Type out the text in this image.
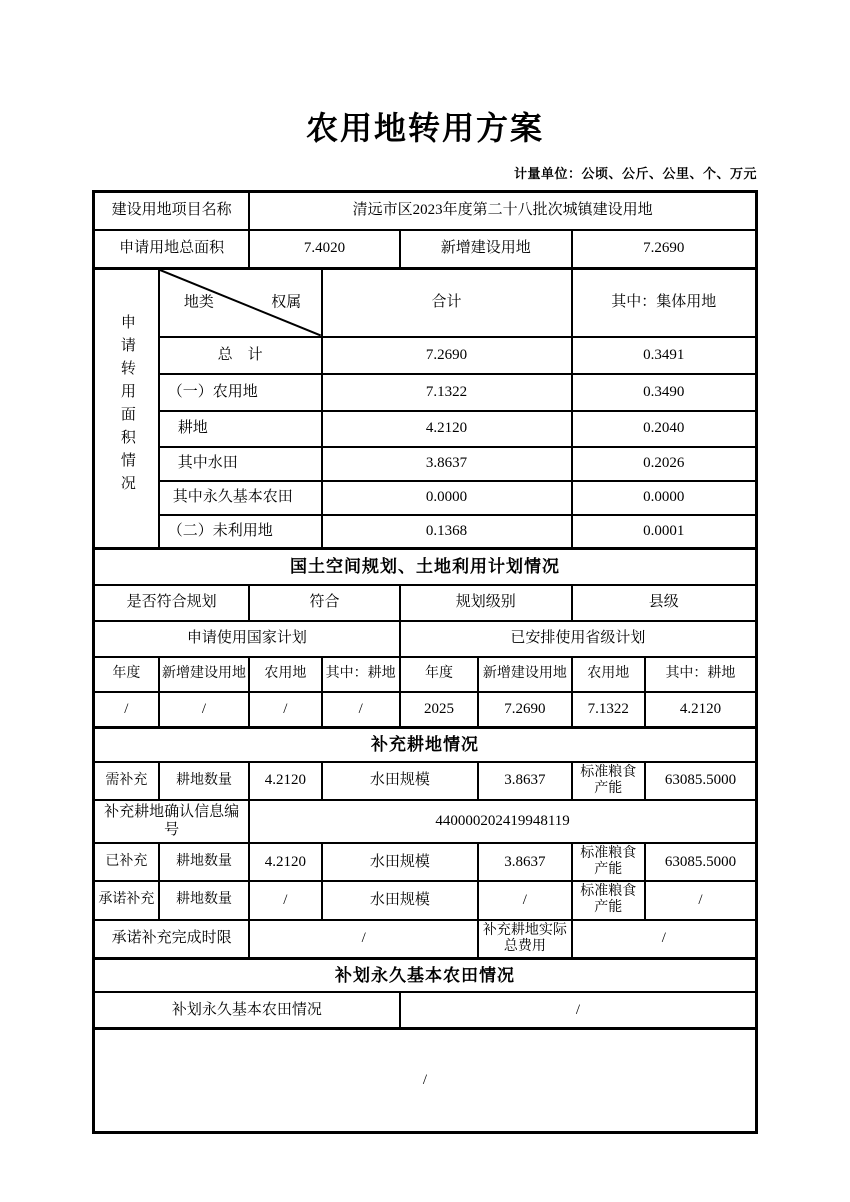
农用地转用方案
计量单位：公顷、公斤、公里、个、万元
建设用地项目名称		清远市区2023年度第二十八批次城镇建设用地					
申请用地总面积		7.4020		新增建设用地		7.2690	
申请转用面积情况	地类 权属		合计			其中：集体用地	
	总　计		7.2690			0.3491	
	（一）农用地		7.1322			0.3490	
	耕地		4.2120			0.2040	
	其中水田		3.8637			0.2026	
	其中永久基本农田		0.0000			0.0000	
	（二）未利用地		0.1368			0.0001	
国土空间规划、土地利用计划情况							
是否符合规划		符合		规划级别		县级	
申请使用国家计划				已安排使用省级计划			
年度	新增建设用地	农用地	其中：耕地	年度	新增建设用地	农用地	其中：耕地
/	/	/	/	2025	7.2690	7.1322	4.2120
补充耕地情况							
需补充	耕地数量	4.2120	水田规模		3.8637	标准粮食产能	63085.5000
补充耕地确认信息编号		440000202419948119					
已补充	耕地数量	4.2120	水田规模		3.8637	标准粮食产能	63085.5000
承诺补充	耕地数量	/	水田规模		/	标准粮食产能	/
承诺补充完成时限		/			补充耕地实际总费用	/	
补划永久基本农田情况							
补划永久基本农田情况				/			
/							
